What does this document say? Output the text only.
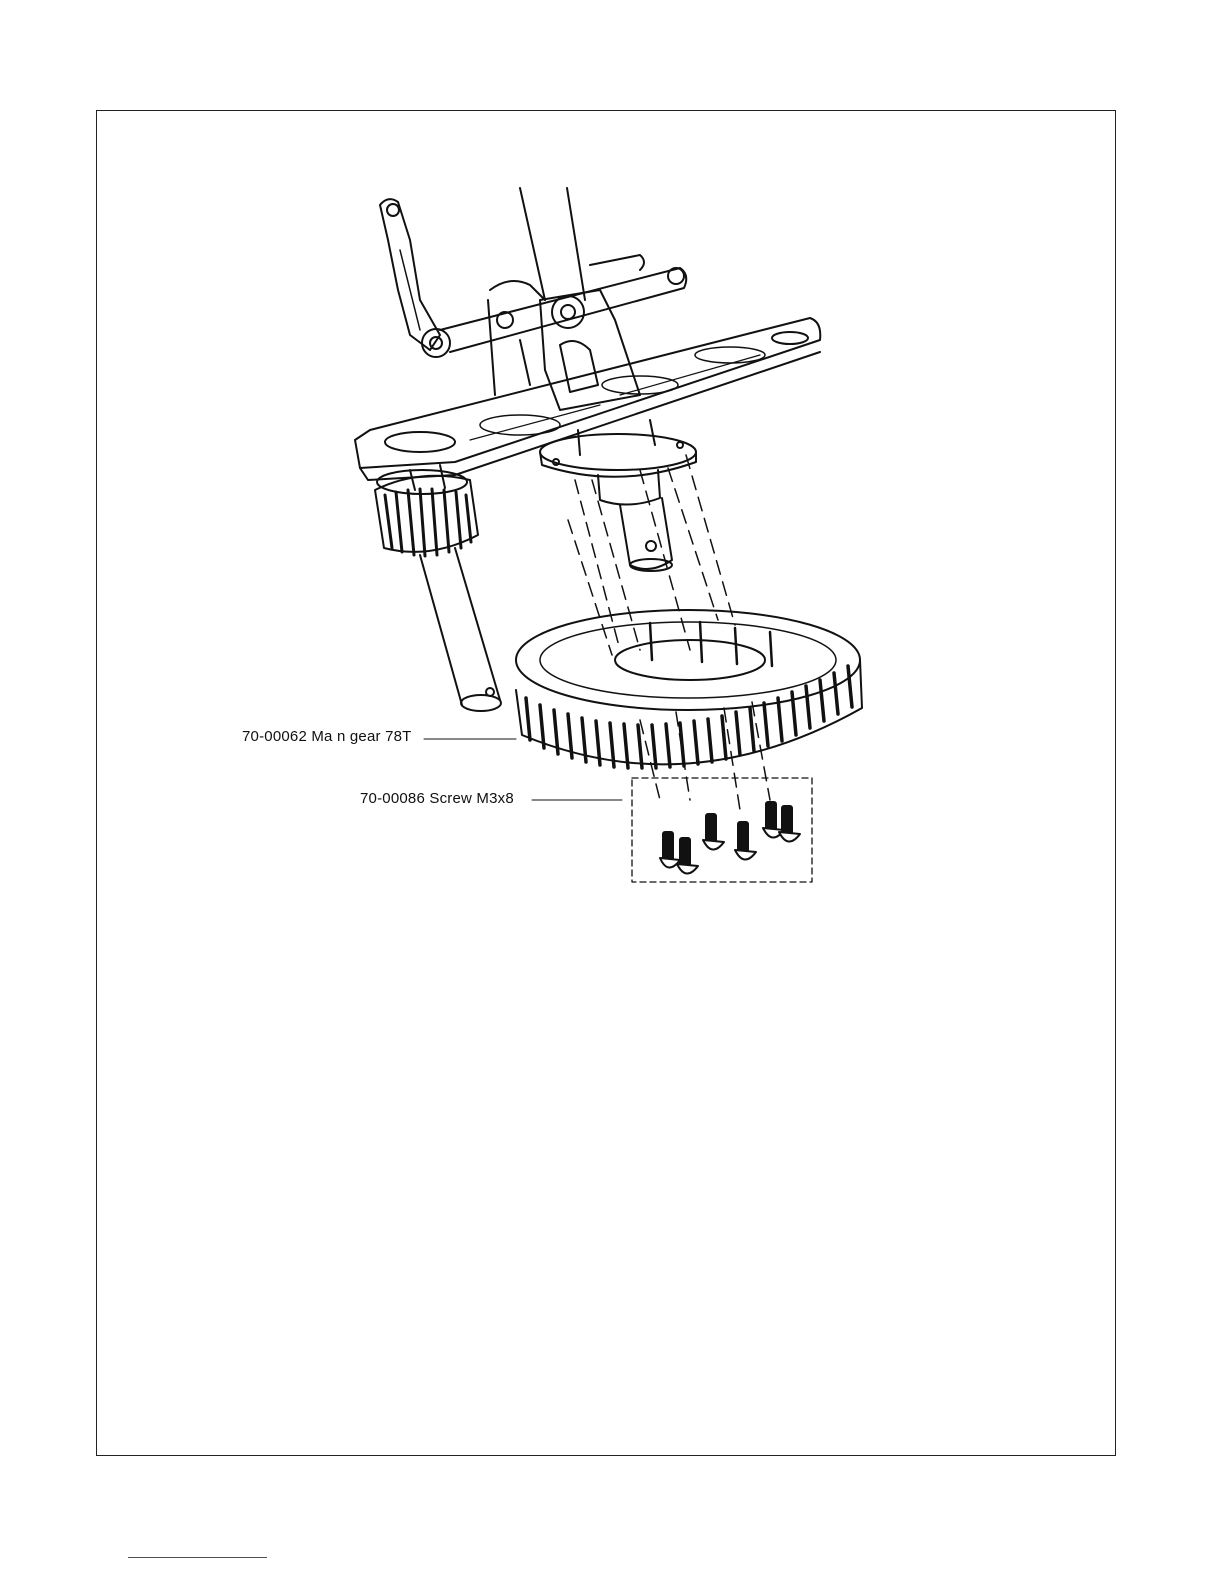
70-00062 Ma n gear 78T
70-00086 Screw M3x8
